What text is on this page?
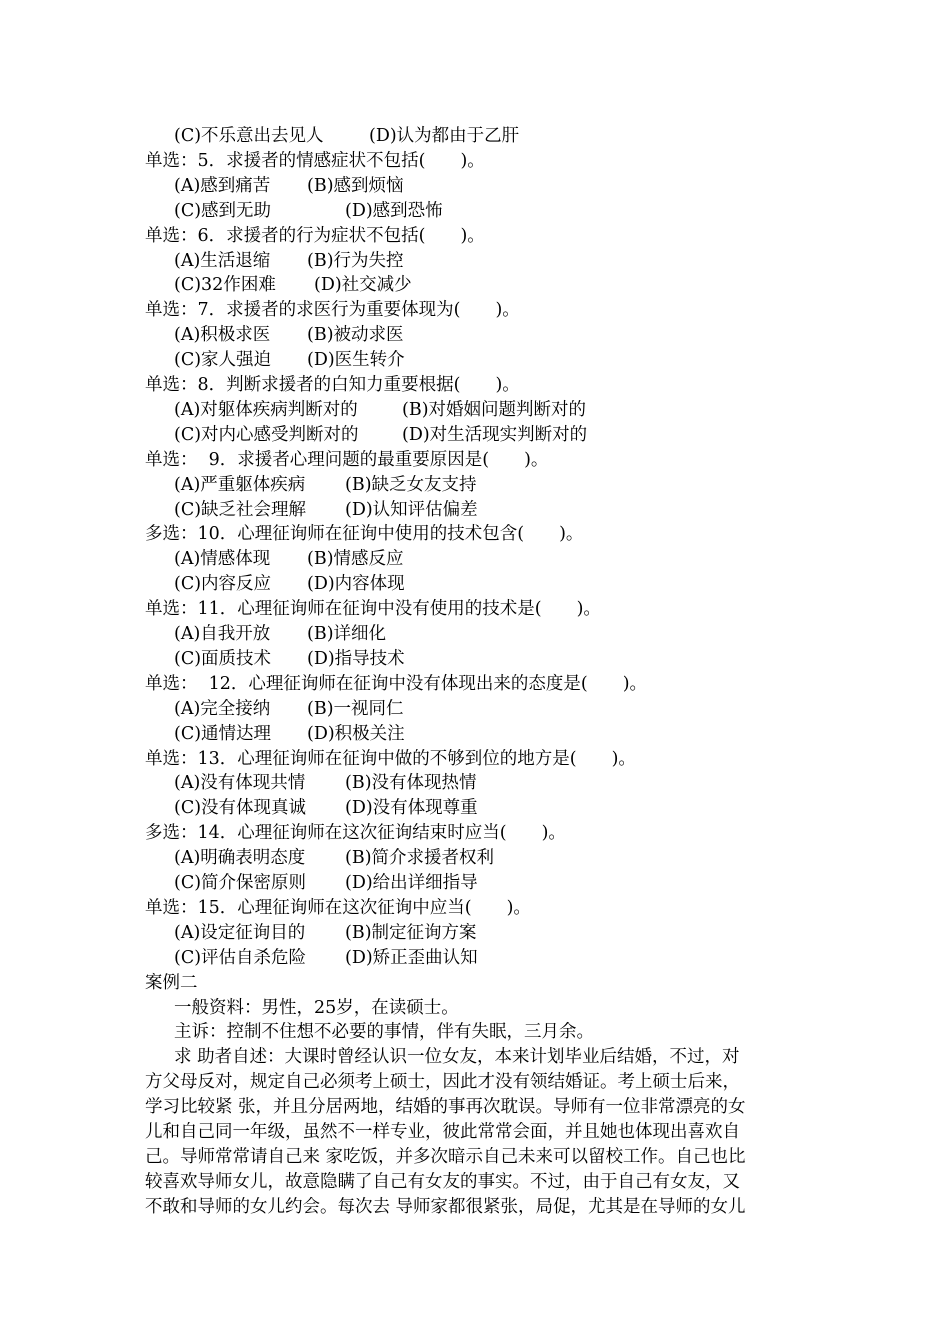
(C)不乐意出去见人	(D)认为都由于乙肝
单选：5．求援者的情感症状不包括(　　)。
(A)感到痛苦 (B)感到烦恼
(C)感到无助	(D)感到恐怖
单选：6．求援者的行为症状不包括(　　)。
(A)生活退缩 (B)行为失控
(C)32作困难 (D)社交减少
单选：7．求援者的求医行为重要体现为(　　)。
(A)积极求医 (B)被动求医
(C)家人强迫 (D)医生转介
单选：8．判断求援者的白知力重要根据(　　)。
(A)对躯体疾病判断对的	(B)对婚姻问题判断对的
(C)对内心感受判断对的 (D)对生活现实判断对的
单选：  9．求援者心理问题的最重要原因是(　　)。
(A)严重躯体疾病 (B)缺乏女友支持
(C)缺乏社会理解 (D)认知评估偏差
多选：10．心理征询师在征询中使用的技术包含(　　)。
(A)情感体现 (B)情感反应
(C)内容反应 (D)内容体现
单选：11．心理征询师在征询中没有使用的技术是(　　)。
(A)自我开放 (B)详细化
(C)面质技术 (D)指导技术
单选：  12．心理征询师在征询中没有体现出来的态度是(　　)。
(A)完全接纳 (B)一视同仁
(C)通情达理 (D)积极关注
单选：13．心理征询师在征询中做的不够到位的地方是(　　)。
(A)没有体现共情 (B)没有体现热情
(C)没有体现真诚 (D)没有体现尊重
多选：14．心理征询师在这次征询结束时应当(　　)。
(A)明确表明态度 (B)简介求援者权利
(C)简介保密原则 (D)给出详细指导
单选：15．心理征询师在这次征询中应当(　　)。
(A)设定征询目的 (B)制定征询方案
(C)评估自杀危险 (D)矫正歪曲认知
案例二
一般资料：男性，25岁，在读硕士。
主诉：控制不住想不必要的事情，伴有失眠，三月余。
求 助者自述：大课时曾经认识一位女友，本来计划毕业后结婚，不过，对
方父母反对，规定自己必须考上硕士，因此才没有领结婚证。考上硕士后来，
学习比较紧 张，并且分居两地，结婚的事再次耽误。导师有一位非常漂亮的女
儿和自己同一年级，虽然不一样专业，彼此常常会面，并且她也体现出喜欢自
己。导师常常请自己来 家吃饭，并多次暗示自己未来可以留校工作。自己也比
较喜欢导师女儿，故意隐瞒了自己有女友的事实。不过，由于自己有女友，又
不敢和导师的女儿约会。每次去 导师家都很紧张，局促，尤其是在导师的女儿
